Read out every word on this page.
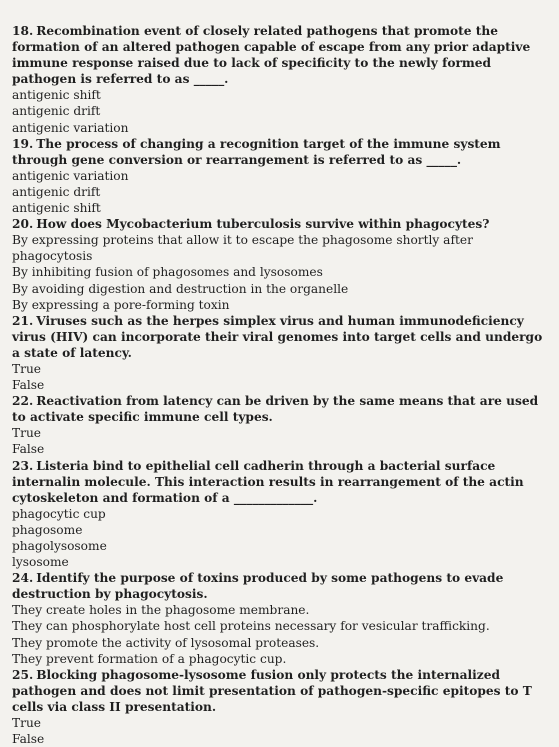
18. Recombination event of closely related pathogens that promote the formation of an altered pathogen capable of escape from any prior adaptive immune response raised due to lack of specificity to the newly formed pathogen is referred to as _____.
antigenic shift
antigenic drift
antigenic variation
19. The process of changing a recognition target of the immune system through gene conversion or rearrangement is referred to as _____.
antigenic variation
antigenic drift
antigenic shift
20. How does Mycobacterium tuberculosis survive within phagocytes?
By expressing proteins that allow it to escape the phagosome shortly after phagocytosis
By inhibiting fusion of phagosomes and lysosomes
By avoiding digestion and destruction in the organelle
By expressing a pore-forming toxin
21. Viruses such as the herpes simplex virus and human immunodeficiency virus (HIV) can incorporate their viral genomes into target cells and undergo a state of latency.
True
False
22. Reactivation from latency can be driven by the same means that are used to activate specific immune cell types.
True
False
23. Listeria bind to epithelial cell cadherin through a bacterial surface internalin molecule. This interaction results in rearrangement of the actin cytoskeleton and formation of a _____________.
phagocytic cup
phagosome
phagolysosome
lysosome
24. Identify the purpose of toxins produced by some pathogens to evade destruction by phagocytosis.
They create holes in the phagosome membrane.
They can phosphorylate host cell proteins necessary for vesicular trafficking.
They promote the activity of lysosomal proteases.
They prevent formation of a phagocytic cup.
25. Blocking phagosome-lysosome fusion only protects the internalized pathogen and does not limit presentation of pathogen-specific epitopes to T cells via class II presentation.
True
False
